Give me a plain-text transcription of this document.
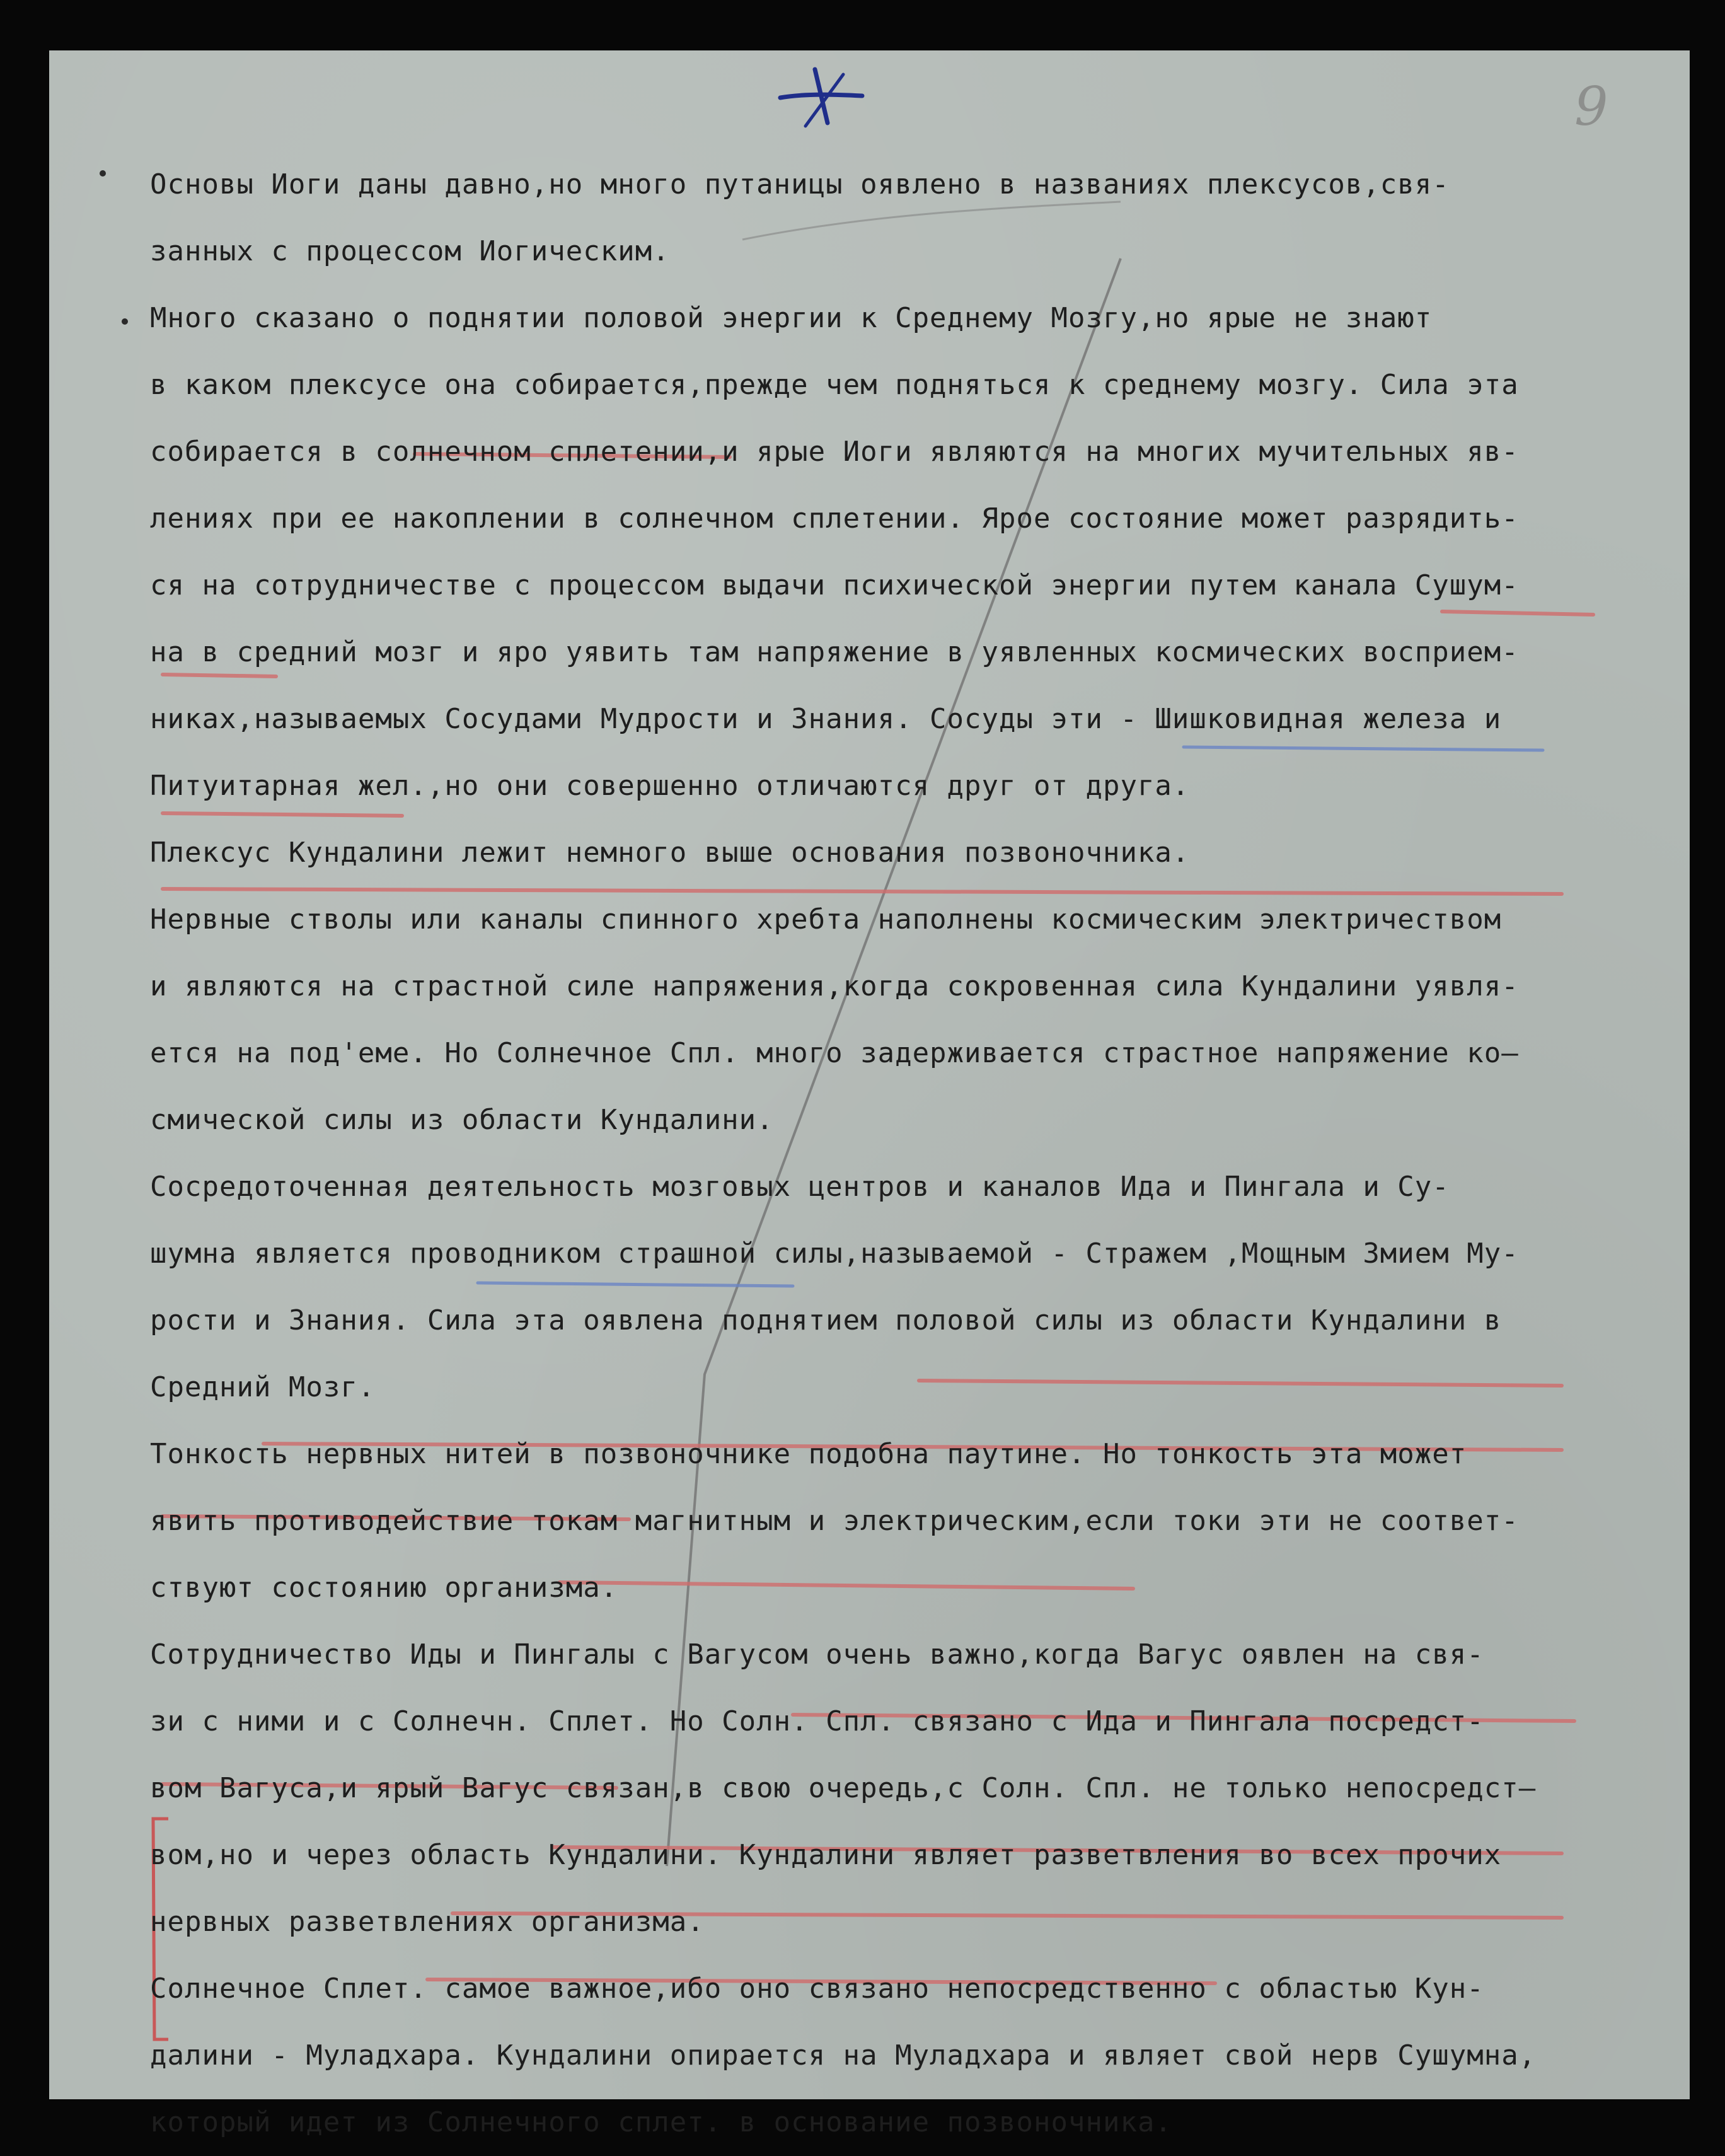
9
Основы Иоги даны давно,но много путаницы оявлено в названиях плексусов,свя-
занных с процессом Иогическим.
Много сказано о поднятии половой энергии к Среднему Мозгу,но ярые не знают
в каком плексусе она собирается,прежде чем подняться к среднему мозгу. Сила эта
собирается в солнечном сплетении,и ярые Иоги являются на многих мучительных яв-
лениях при ее накоплении в солнечном сплетении. Ярое состояние может разрядить-
ся на сотрудничестве с процессом выдачи психической энергии путем канала Сушум-
на в средний мозг и яро уявить там напряжение в уявленных космических восприем-
никах,называемых Сосудами Мудрости и Знания. Сосуды эти - Шишковидная железа и
Питуитарная жел.,но они совершенно отличаются друг от друга.
Плексус Кундалини лежит немного выше основания позвоночника.
Нервные стволы или каналы спинного хребта наполнены космическим электричеством
и являются на страстной силе напряжения,когда сокровенная сила Кундалини уявля-
ется на под'еме. Но Солнечное Спл. много задерживается страстное напряжение ко—
смической силы из области Кундалини.
Сосредоточенная деятельность мозговых центров и каналов Ида и Пингала и Су-
шумна является проводником страшной силы,называемой - Стражем ,Мощным Змием Му-
рости и Знания. Сила эта оявлена поднятием половой силы из области Кундалини в
Средний Мозг.
Тонкость нервных нитей в позвоночнике подобна паутине. Но тонкость эта может
явить противодействие токам магнитным и электрическим,если токи эти не соответ-
ствуют состоянию организма.
Сотрудничество Иды и Пингалы с Вагусом очень важно,когда Вагус оявлен на свя-
зи с ними и с Солнечн. Сплет. Но Солн. Спл. связано с Ида и Пингала посредст-
вом Вагуса,и ярый Вагус связан,в свою очередь,с Солн. Спл. не только непосредст—
вом,но и через область Кундалини. Кундалини являет разветвления во всех прочих
нервных разветвлениях организма.
Солнечное Сплет. самое важное,ибо оно связано непосредственно с областью Кун-
далини - Муладхара. Кундалини опирается на Муладхара и являет свой нерв Сушумна,
который идет из Солнечного сплет. в основание позвоночника.
